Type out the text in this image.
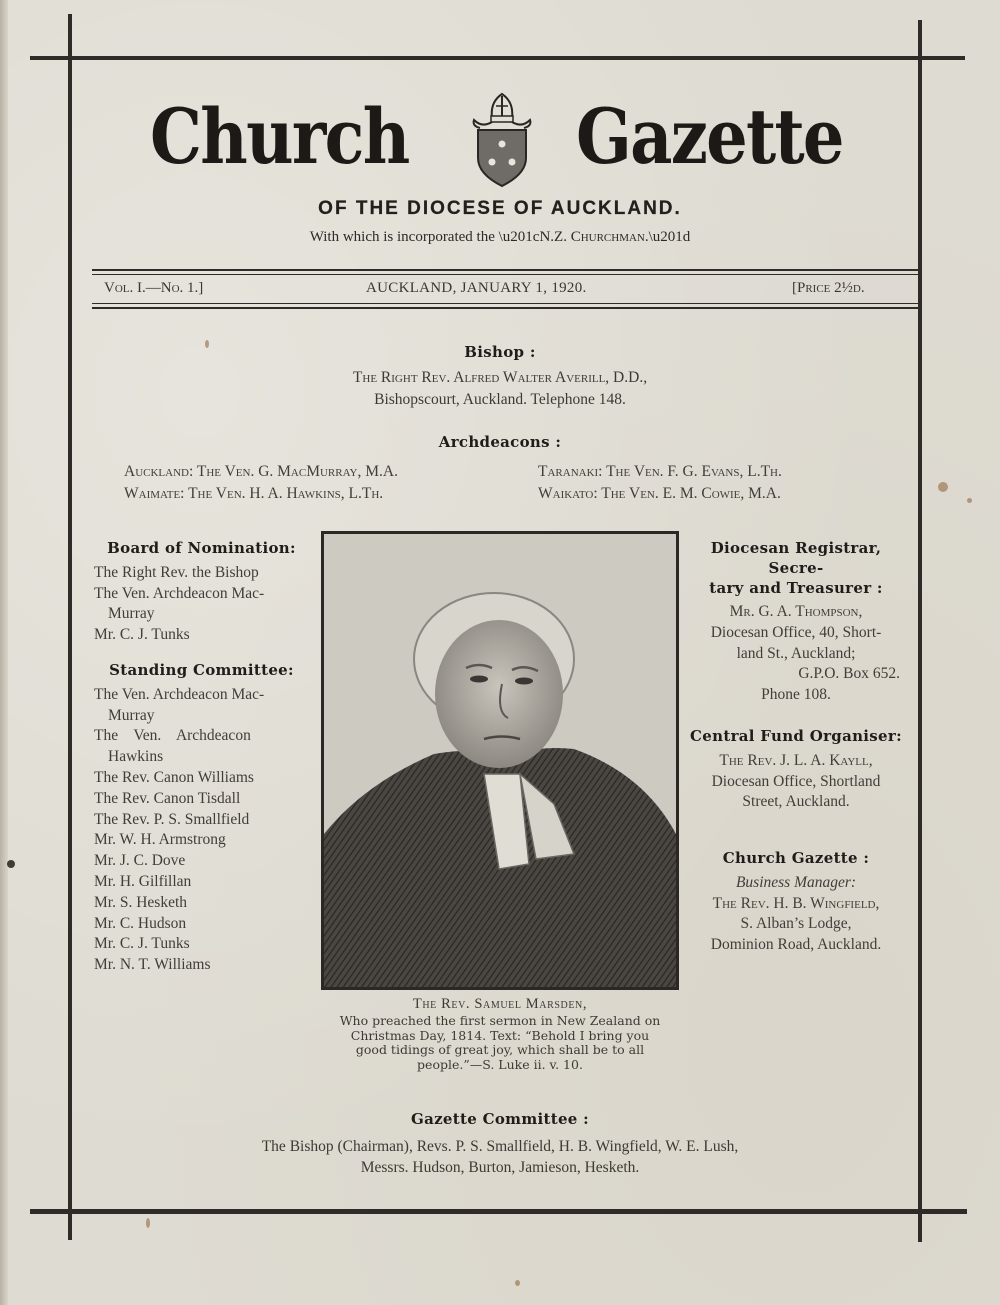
Church Gazette
OF THE DIOCESE OF AUCKLAND.
With which is incorporated the \u201cN.Z. Churchman.\u201d
Vol. I.—No. 1.]	AUCKLAND, JANUARY 1, 1920.	[Price 2½d.
Bishop :
The Right Rev. Alfred Walter Averill, D.D.,
Bishopscourt, Auckland. Telephone 148.
Archdeacons :
Auckland: The Ven. G. MacMurray, M.A.
Waimate: The Ven. H. A. Hawkins, L.Th.
Taranaki: The Ven. F. G. Evans, L.Th.
Waikato: The Ven. E. M. Cowie, M.A.
Board of Nomination:
The Right Rev. the Bishop
The Ven. Archdeacon Mac-
Murray
Mr. C. J. Tunks
Standing Committee:
The Ven. Archdeacon Mac-
Murray
The    Ven.    Archdeacon
Hawkins
The Rev. Canon Williams
The Rev. Canon Tisdall
The Rev. P. S. Smallfield
Mr. W. H. Armstrong
Mr. J. C. Dove
Mr. H. Gilfillan
Mr. S. Hesketh
Mr. C. Hudson
Mr. C. J. Tunks
Mr. N. T. Williams
The Rev. Samuel Marsden,
Who preached the first sermon in New Zealand on
Christmas Day, 1814. Text: “Behold I bring you
good tidings of great joy, which shall be to all
people.”—S. Luke ii. v. 10.
Diocesan Registrar, Secre-
tary and Treasurer :
Mr. G. A. Thompson,
Diocesan Office, 40, Short-
land St., Auckland;
G.P.O. Box 652.
Phone 108.
Central Fund Organiser:
The Rev. J. L. A. Kayll,
Diocesan Office, Shortland
Street, Auckland.
Church Gazette :
Business Manager:
The Rev. H. B. Wingfield,
S. Alban’s Lodge,
Dominion Road, Auckland.
Gazette Committee :
The Bishop (Chairman), Revs. P. S. Smallfield, H. B. Wingfield, W. E. Lush,
Messrs. Hudson, Burton, Jamieson, Hesketh.
